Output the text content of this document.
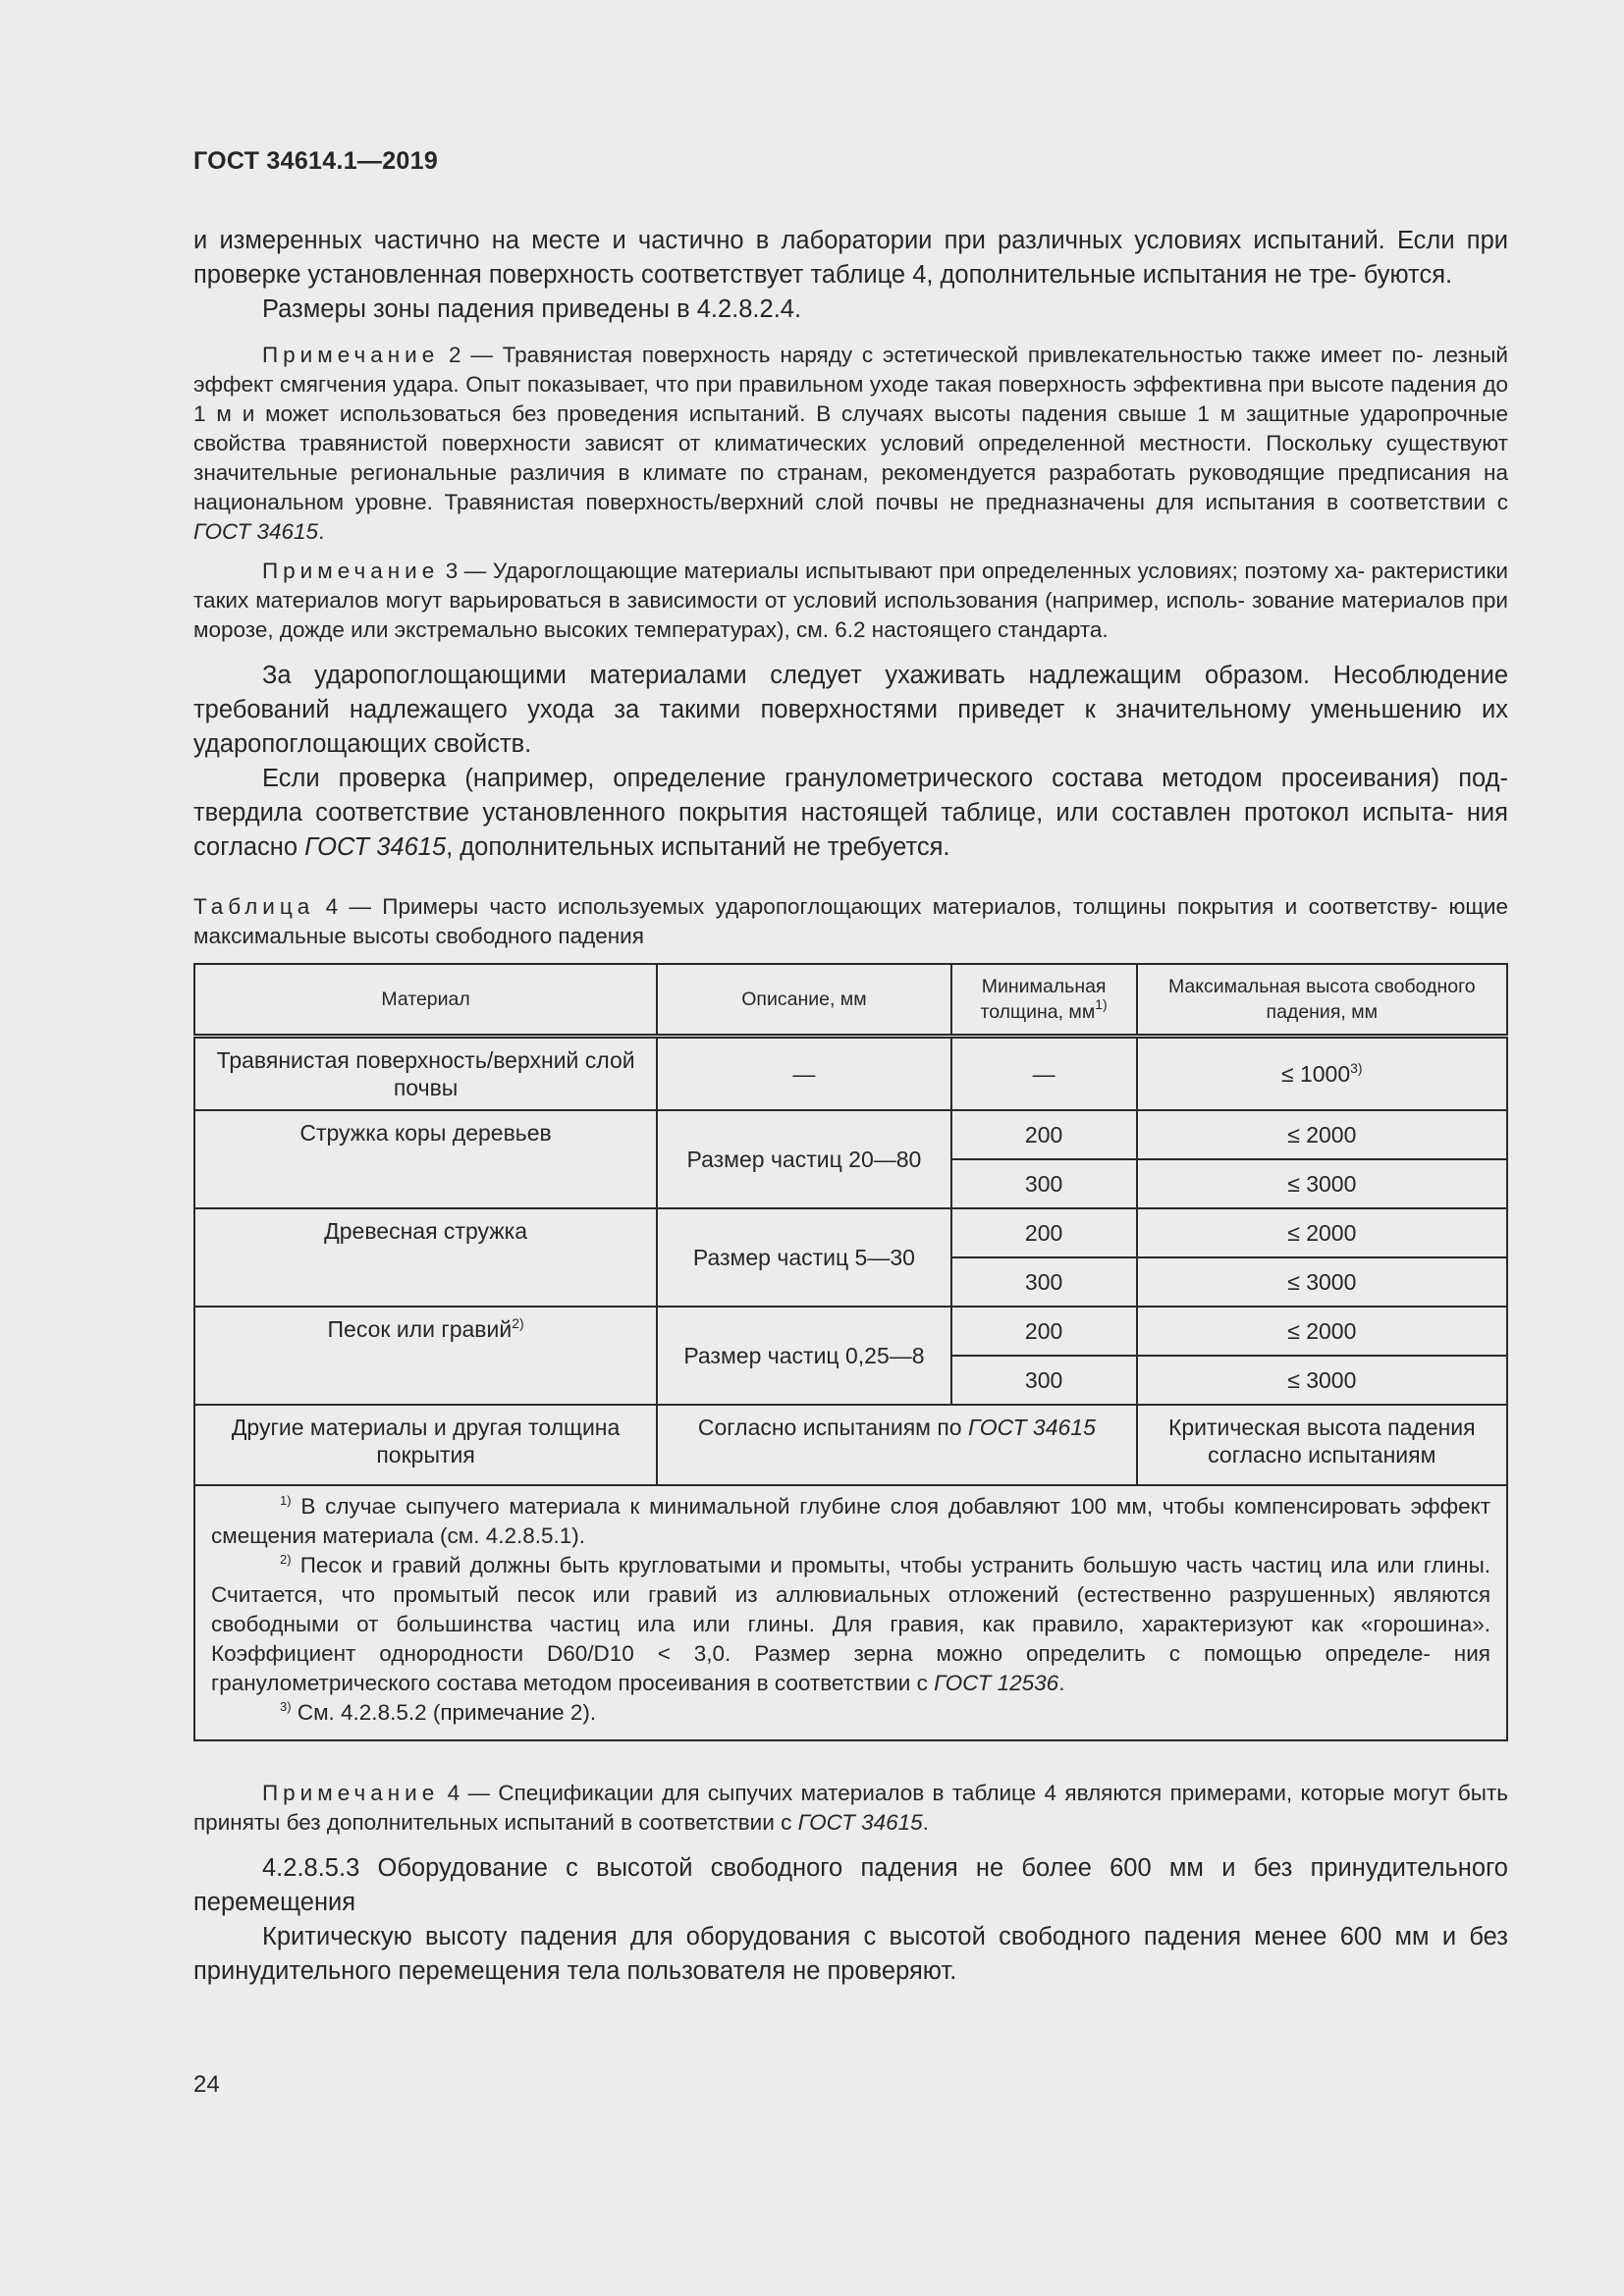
ГОСТ 34614.1—2019

и измеренных частично на месте и частично в лаборатории при различных условиях испытаний. Если при проверке установленная поверхность соответствует таблице 4, дополнительные испытания не тре- буются.

Размеры зоны падения приведены в 4.2.8.2.4.

Примечание 2 — Травянистая поверхность наряду с эстетической привлекательностью также имеет по- лезный эффект смягчения удара. Опыт показывает, что при правильном уходе такая поверхность эффективна при высоте падения до 1 м и может использоваться без проведения испытаний. В случаях высоты падения свыше 1 м защитные ударопрочные свойства травянистой поверхности зависят от климатических условий определенной местности. Поскольку существуют значительные региональные различия в климате по странам, рекомендуется разработать руководящие предписания на национальном уровне. Травянистая поверхность/верхний слой почвы не предназначены для испытания в соответствии с ГОСТ 34615.

Примечание 3 — Удароглощающие материалы испытывают при определенных условиях; поэтому ха- рактеристики таких материалов могут варьироваться в зависимости от условий использования (например, исполь- зование материалов при морозе, дожде или экстремально высоких температурах), см. 6.2 настоящего стандарта.

За ударопоглощающими материалами следует ухаживать надлежащим образом. Несоблюдение требований надлежащего ухода за такими поверхностями приведет к значительному уменьшению их ударопоглощающих свойств.

Если проверка (например, определение гранулометрического состава методом просеивания) под- твердила соответствие установленного покрытия настоящей таблице, или составлен протокол испыта- ния согласно ГОСТ 34615, дополнительных испытаний не требуется.

Таблица 4 — Примеры часто используемых ударопоглощающих материалов, толщины покрытия и соответству- ющие максимальные высоты свободного падения

Материал	Описание, мм	Минимальная толщина, $мм^{1)}$	Максимальная высота свободного падения, мм
Травянистая поверхность/верхний слой почвы	—	—	≤ $1000^{3)}$
Стружка коры деревьев	Размер частиц 20—80	200	≤ 2000
		300	≤ 3000
Древесная стружка	Размер частиц 5—30	200	≤ 2000
		300	≤ 3000
Песок или гравий$^{2)}$	Размер частиц 0,25—8	200	≤ 2000
		300	≤ 3000
Другие материалы и другая толщина покрытия	Согласно испытаниям по ГОСТ 34615		Критическая высота падения согласно испытаниям

$^{1)}$ В случае сыпучего материала к минимальной глубине слоя добавляют 100 мм, чтобы компенсировать эффект смещения материала (см. 4.2.8.5.1).

$^{2)}$ Песок и гравий должны быть кругловатыми и промыты, чтобы устранить большую часть частиц ила или глины. Считается, что промытый песок или гравий из аллювиальных отложений (естественно разрушенных) являются свободными от большинства частиц ила или глины. Для гравия, как правило, характеризуют как «горошина». Коэффициент однородности D60/D10 < 3,0. Размер зерна можно определить с помощью определе- ния гранулометрического состава методом просеивания в соответствии с ГОСТ 12536.

$^{3)}$ См. 4.2.8.5.2 (примечание 2).			

Примечание 4 — Спецификации для сыпучих материалов в таблице 4 являются примерами, которые могут быть приняты без дополнительных испытаний в соответствии с ГОСТ 34615.

4.2.8.5.3 Оборудование с высотой свободного падения не более 600 мм и без принудительного перемещения

Критическую высоту падения для оборудования с высотой свободного падения менее 600 мм и без принудительного перемещения тела пользователя не проверяют.

24
